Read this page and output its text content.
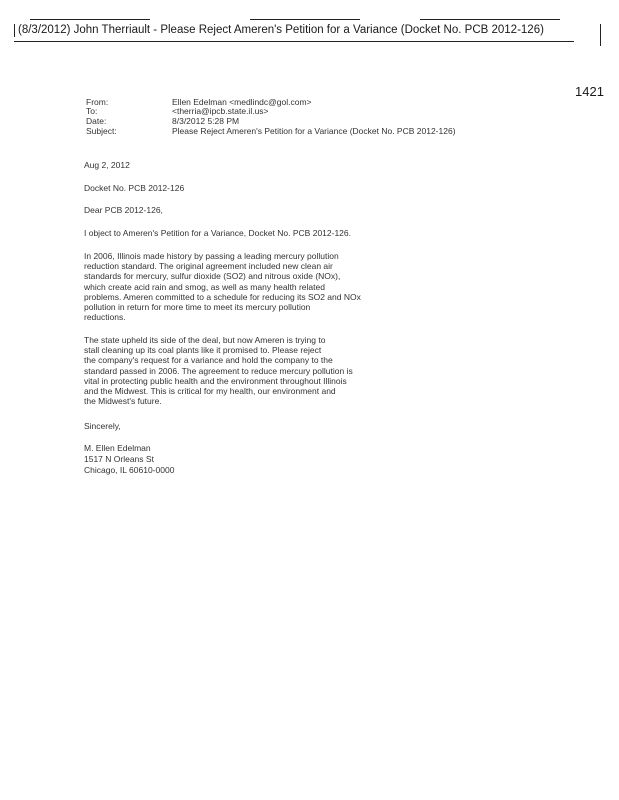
(8/3/2012) John Therriault - Please Reject Ameren's Petition for a Variance (Docket No. PCB 2012-126)
1421
From:	Ellen Edelman <medlindc@gol.com>
To:	<therria@ipcb.state.il.us>
Date:	8/3/2012 5:28 PM
Subject:	Please Reject Ameren's Petition for a Variance (Docket No. PCB 2012-126)

Aug 2, 2012

Docket No. PCB 2012-126

Dear PCB 2012-126,

I object to Ameren's Petition for a Variance, Docket No. PCB 2012-126.

In 2006, Illinois made history by passing a leading mercury pollution
reduction standard. The original agreement included new clean air
standards for mercury, sulfur dioxide (SO2) and nitrous oxide (NOx),
which create acid rain and smog, as well as many health related
problems. Ameren committed to a schedule for reducing its SO2 and NOx
pollution in return for more time to meet its mercury pollution
reductions.

The state upheld its side of the deal, but now Ameren is trying to
stall cleaning up its coal plants like it promised to. Please reject
the company's request for a variance and hold the company to the
standard passed in 2006. The agreement to reduce mercury pollution is
vital in protecting public health and the environment throughout Illinois
and the Midwest. This is critical for my health, our environment and
the Midwest's future.

Sincerely,

M. Ellen Edelman

1517 N Orleans St

Chicago, IL 60610-0000
